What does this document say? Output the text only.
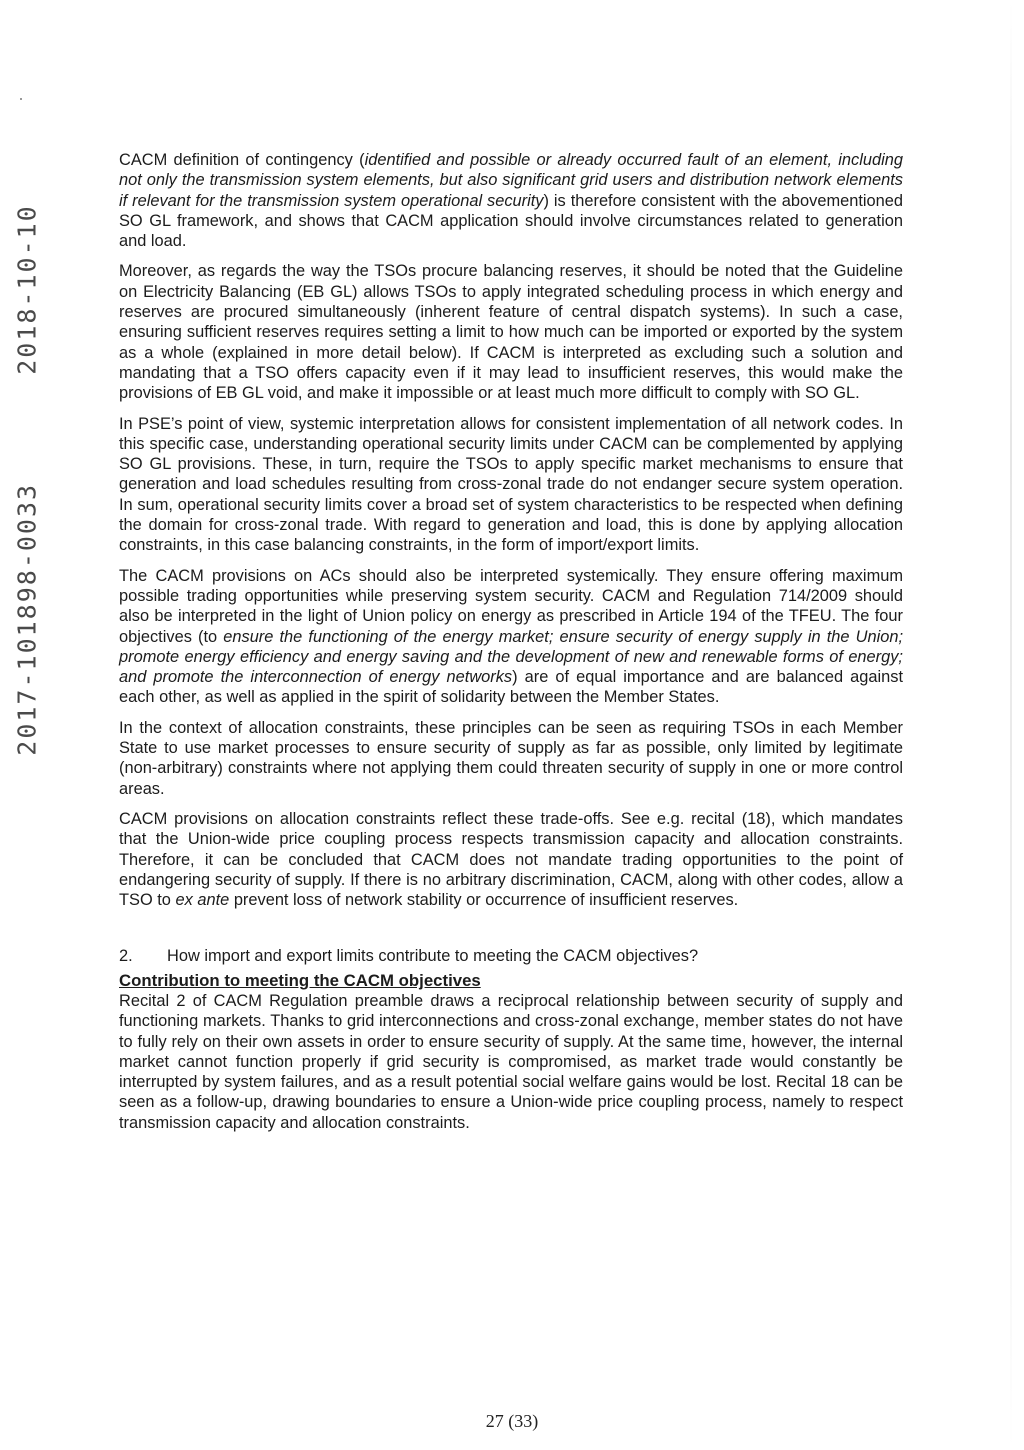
2017-101898-0033  2018-10-10

CACM definition of contingency (identified and possible or already occurred fault of an element, including not only the transmission system elements, but also significant grid users and distribution network elements if relevant for the transmission system operational security) is therefore consistent with the abovementioned SO GL framework, and shows that CACM application should involve circumstances related to generation and load.

Moreover, as regards the way the TSOs procure balancing reserves, it should be noted that the Guideline on Electricity Balancing (EB GL) allows TSOs to apply integrated scheduling process in which energy and reserves are procured simultaneously (inherent feature of central dispatch systems). In such a case, ensuring sufficient reserves requires setting a limit to how much can be imported or exported by the system as a whole (explained in more detail below). If CACM is interpreted as excluding such a solution and mandating that a TSO offers capacity even if it may lead to insufficient reserves, this would make the provisions of EB GL void, and make it impossible or at least much more difficult to comply with SO GL.

In PSE’s point of view, systemic interpretation allows for consistent implementation of all network codes. In this specific case, understanding operational security limits under CACM can be complemented by applying SO GL provisions. These, in turn, require the TSOs to apply specific market mechanisms to ensure that generation and load schedules resulting from cross-zonal trade do not endanger secure system operation. In sum, operational security limits cover a broad set of system characteristics to be respected when defining the domain for cross-zonal trade. With regard to generation and load, this is done by applying allocation constraints, in this case balancing constraints, in the form of import/export limits.

The CACM provisions on ACs should also be interpreted systemically. They ensure offering maximum possible trading opportunities while preserving system security. CACM and Regulation 714/2009 should also be interpreted in the light of Union policy on energy as prescribed in Article 194 of the TFEU. The four objectives (to ensure the functioning of the energy market; ensure security of energy supply in the Union; promote energy efficiency and energy saving and the development of new and renewable forms of energy; and promote the interconnection of energy networks) are of equal importance and are balanced against each other, as well as applied in the spirit of solidarity between the Member States.

In the context of allocation constraints, these principles can be seen as requiring TSOs in each Member State to use market processes to ensure security of supply as far as possible, only limited by legitimate (non-arbitrary) constraints where not applying them could threaten security of supply in one or more control areas.

CACM provisions on allocation constraints reflect these trade-offs. See e.g. recital (18), which mandates that the Union-wide price coupling process respects transmission capacity and allocation constraints. Therefore, it can be concluded that CACM does not mandate trading opportunities to the point of endangering security of supply. If there is no arbitrary discrimination, CACM, along with other codes, allow a TSO to ex ante prevent loss of network stability or occurrence of insufficient reserves.

2. How import and export limits contribute to meeting the CACM objectives?

Contribution to meeting the CACM objectives

Recital 2 of CACM Regulation preamble draws a reciprocal relationship between security of supply and functioning markets. Thanks to grid interconnections and cross-zonal exchange, member states do not have to fully rely on their own assets in order to ensure security of supply. At the same time, however, the internal market cannot function properly if grid security is compromised, as market trade would constantly be interrupted by system failures, and as a result potential social welfare gains would be lost. Recital 18 can be seen as a follow-up, drawing boundaries to ensure a Union-wide price coupling process, namely to respect transmission capacity and allocation constraints.

27 (33)
